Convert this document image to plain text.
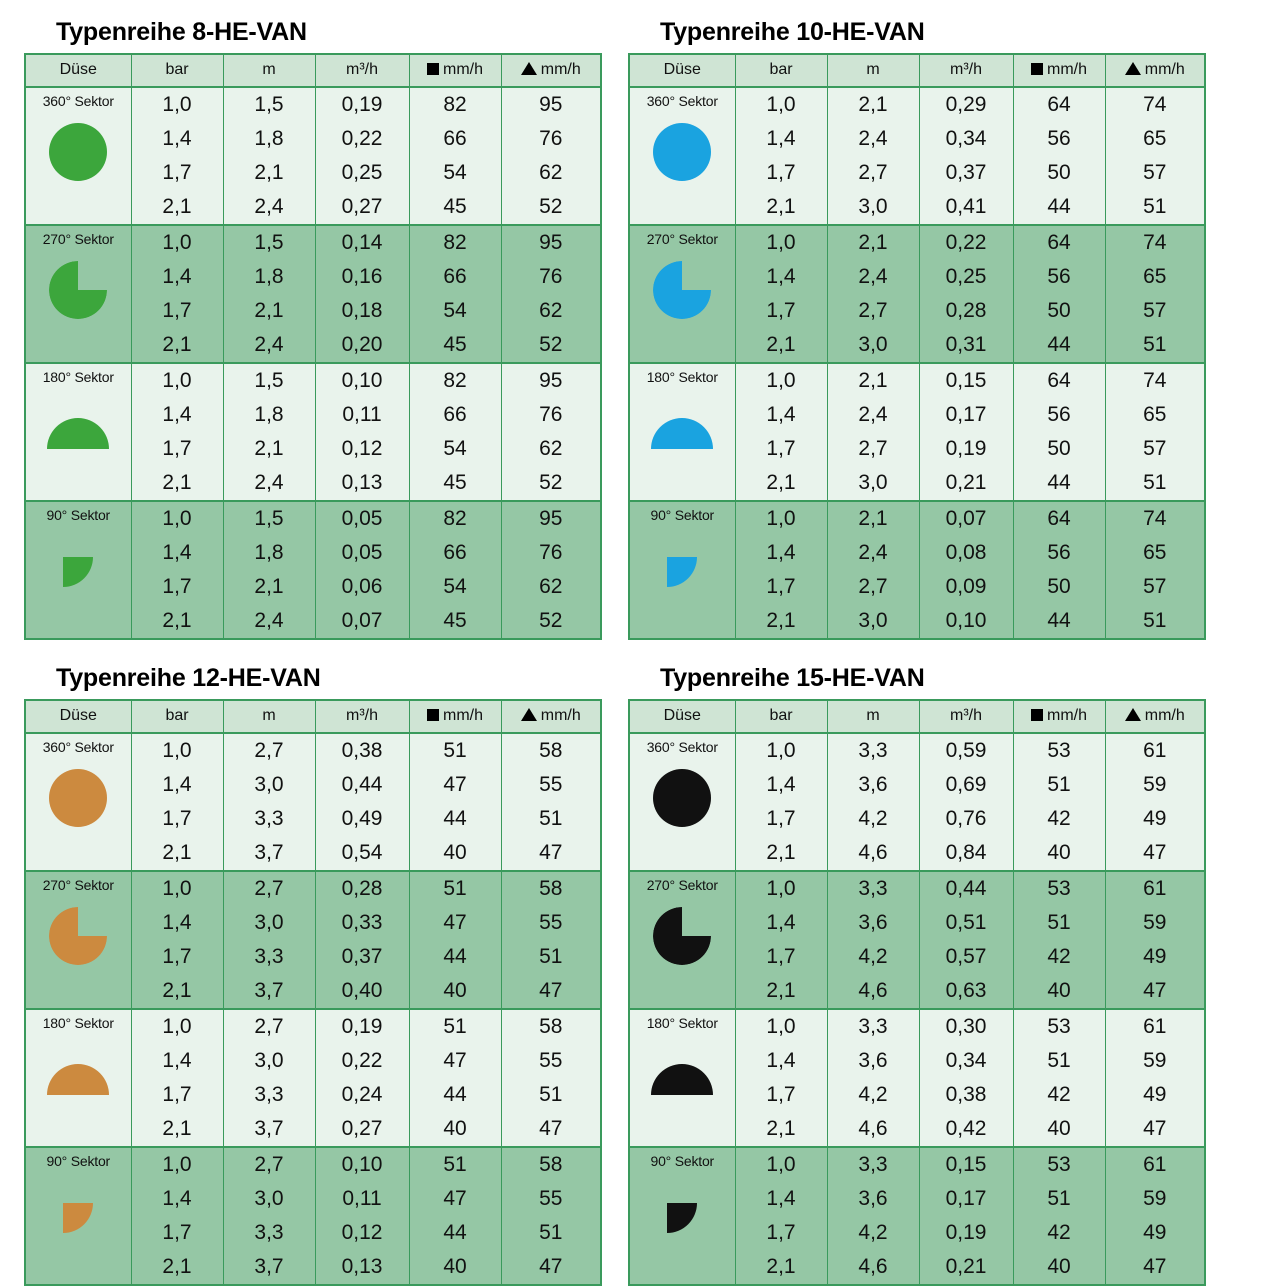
Typenreihe 8-HE-VAN
Düse	bar	m	m³/h	mm/h	mm/h

360° Sektor	1,0	1,5	0,19	82	95
	1,4	1,8	0,22	66	76
	1,7	2,1	0,25	54	62
	2,1	2,4	0,27	45	52

270° Sektor	1,0	1,5	0,14	82	95
	1,4	1,8	0,16	66	76
	1,7	2,1	0,18	54	62
	2,1	2,4	0,20	45	52

180° Sektor	1,0	1,5	0,10	82	95
	1,4	1,8	0,11	66	76
	1,7	2,1	0,12	54	62
	2,1	2,4	0,13	45	52

90° Sektor	1,0	1,5	0,05	82	95
	1,4	1,8	0,05	66	76
	1,7	2,1	0,06	54	62
	2,1	2,4	0,07	45	52
Typenreihe 10-HE-VAN
Düse	bar	m	m³/h	mm/h	mm/h

360° Sektor	1,0	2,1	0,29	64	74
	1,4	2,4	0,34	56	65
	1,7	2,7	0,37	50	57
	2,1	3,0	0,41	44	51

270° Sektor	1,0	2,1	0,22	64	74
	1,4	2,4	0,25	56	65
	1,7	2,7	0,28	50	57
	2,1	3,0	0,31	44	51

180° Sektor	1,0	2,1	0,15	64	74
	1,4	2,4	0,17	56	65
	1,7	2,7	0,19	50	57
	2,1	3,0	0,21	44	51

90° Sektor	1,0	2,1	0,07	64	74
	1,4	2,4	0,08	56	65
	1,7	2,7	0,09	50	57
	2,1	3,0	0,10	44	51
Typenreihe 12-HE-VAN
Düse	bar	m	m³/h	mm/h	mm/h

360° Sektor	1,0	2,7	0,38	51	58
	1,4	3,0	0,44	47	55
	1,7	3,3	0,49	44	51
	2,1	3,7	0,54	40	47

270° Sektor	1,0	2,7	0,28	51	58
	1,4	3,0	0,33	47	55
	1,7	3,3	0,37	44	51
	2,1	3,7	0,40	40	47

180° Sektor	1,0	2,7	0,19	51	58
	1,4	3,0	0,22	47	55
	1,7	3,3	0,24	44	51
	2,1	3,7	0,27	40	47

90° Sektor	1,0	2,7	0,10	51	58
	1,4	3,0	0,11	47	55
	1,7	3,3	0,12	44	51
	2,1	3,7	0,13	40	47
Typenreihe 15-HE-VAN
Düse	bar	m	m³/h	mm/h	mm/h

360° Sektor	1,0	3,3	0,59	53	61
	1,4	3,6	0,69	51	59
	1,7	4,2	0,76	42	49
	2,1	4,6	0,84	40	47

270° Sektor	1,0	3,3	0,44	53	61
	1,4	3,6	0,51	51	59
	1,7	4,2	0,57	42	49
	2,1	4,6	0,63	40	47

180° Sektor	1,0	3,3	0,30	53	61
	1,4	3,6	0,34	51	59
	1,7	4,2	0,38	42	49
	2,1	4,6	0,42	40	47

90° Sektor	1,0	3,3	0,15	53	61
	1,4	3,6	0,17	51	59
	1,7	4,2	0,19	42	49
	2,1	4,6	0,21	40	47
